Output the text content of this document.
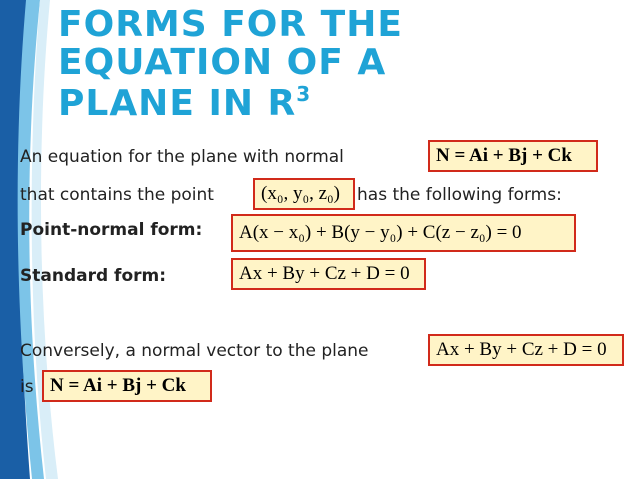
FORMS FOR THE EQUATION OF A
PLANE IN $R^3$
An equation for the plane with normal	N = Ai + Bj + Ck
that contains the point (x₀, y₀, z₀) has the following forms:
Point-normal form: A(x − x₀) + B(y − y₀) + C(z − z₀) = 0
Standard form:	Ax + By + Cz + D = 0
Conversely, a normal vector to the plane	Ax + By + Cz + D = 0
is N = Ai + Bj + Ck
